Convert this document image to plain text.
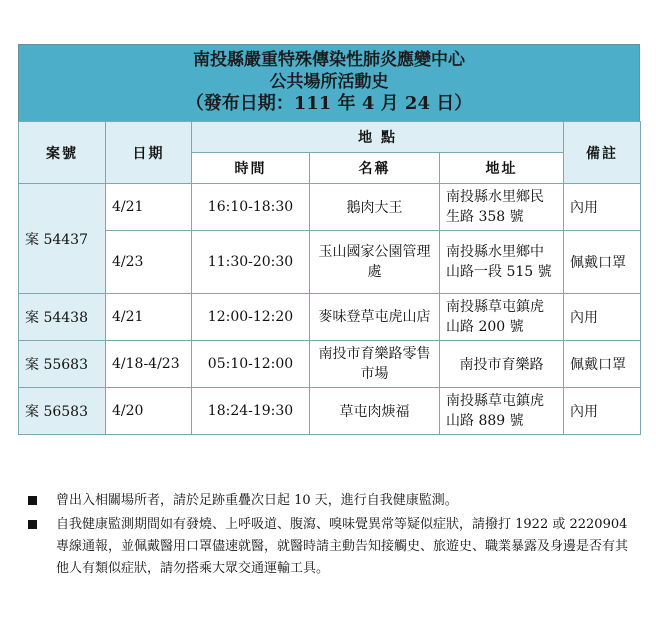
南投縣嚴重特殊傳染性肺炎應變中心
公共場所活動史
（發布日期：111 年 4 月 24 日）
案號	日期	地 點			備註
		時間	名稱	地址	
案 54437	4/21	16:10-18:30	鵝肉大王	南投縣水里鄉民生路 358 號	內用
	4/23	11:30-20:30	玉山國家公園管理處	南投縣水里鄉中山路一段 515 號	佩戴口罩
案 54438	4/21	12:00-12:20	麥味登草屯虎山店	南投縣草屯鎮虎山路 200 號	內用
案 55683	4/18-4/23	05:10-12:00	南投市育樂路零售市場	南投市育樂路	佩戴口罩
案 56583	4/20	18:24-19:30	草屯肉焿福	南投縣草屯鎮虎山路 889 號	內用
曾出入相關場所者，請於足跡重疊次日起 10 天，進行自我健康監測。
自我健康監測期間如有發燒、上呼吸道、腹瀉、嗅味覺異常等疑似症狀，請撥打 1922 或 2220904 專線通報，並佩戴醫用口罩儘速就醫，就醫時請主動告知接觸史、旅遊史、職業暴露及身邊是否有其他人有類似症狀，請勿搭乘大眾交通運輸工具。
